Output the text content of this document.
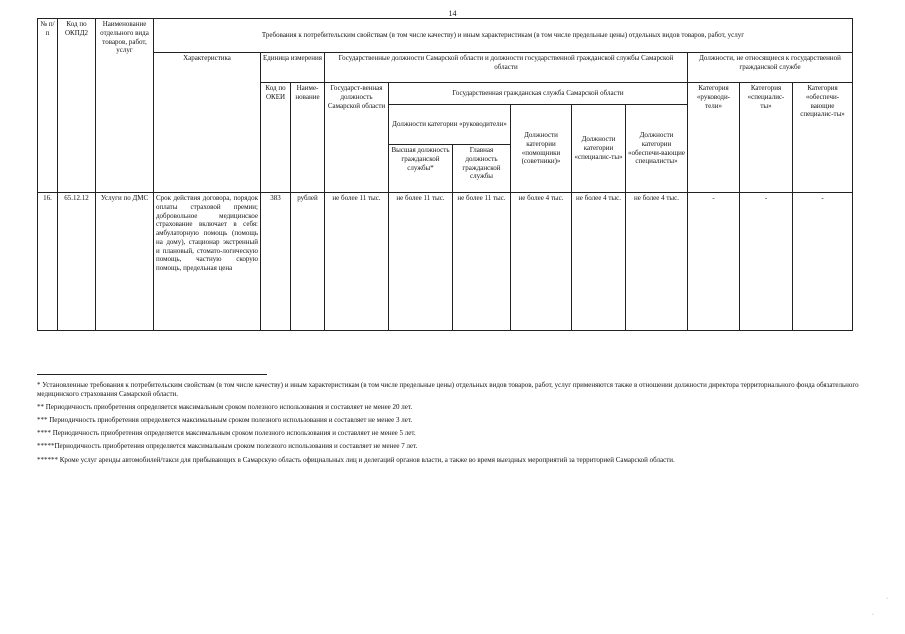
14
№ п/п	Код по ОКПД2	Наименование отдельного вида товаров, работ, услуг	Требования к потребительским свойствам (в том числе качеству) и иным характеристикам (в том числе предельные цены) отдельных видов товаров, работ, услуг											
			Характеристика	Единица измерения		Государственные должности Самарской области и должности государственной гражданской службы Самарской области						Должности, не относящиеся к государственной гражданской службе		
				Код по ОКЕИ	Наиме-нование	Государст-венная должность Самарской области	Государственная гражданская служба Самарской области					Категория «руководи-тели»	Категория «специалис-ты»	Категория «обеспечи-вающие специалис-ты»
							Должности категории «руководители»		Должности категории «помощники (советники)»	Должности категории «специалис-ты»	Должности категории «обеспечи-вающие специалисты»			
							Высшая должность гражданской службы*	Главная должность гражданской службы						
16.	65.12.12	Услуги по ДМС	Срок действия договора, порядок оплаты страховой премии; добровольное медицинское страхование включает в себя: амбулаторную помощь (помощь на дому), стационар экстренный и плановый, стомато-логическую помощь, частную скорую помощь, предельная цена	383	рублей	не более 11 тыс.	не более 11 тыс.	не более 11 тыс.	не более 4 тыс.	не более 4 тыс.	не более 4 тыс.	-	-	-

* Установленные требования к потребительским свойствам (в том числе качеству) и иным характеристикам (в том числе предельные цены) отдельных видов товаров, работ, услуг применяются также в отношении должности директора территориального фонда обязательного медицинского страхования Самарской области.

** Периодичность приобретения определяется максимальным сроком полезного использования и составляет не менее 20 лет.

*** Периодичность приобретения определяется максимальным сроком полезного использования и составляет не менее 3 лет.

**** Периодичность приобретения определяется максимальным сроком полезного использования и составляет не менее 5 лет.

*****Периодичность приобретения определяется максимальным сроком полезного использования и составляет не менее 7 лет.

****** Кроме услуг аренды автомобилей/такси для прибывающих в Самарскую область официальных лиц и делегаций органов власти, а также во время выездных мероприятий за территорией Самарской области.

·
·
